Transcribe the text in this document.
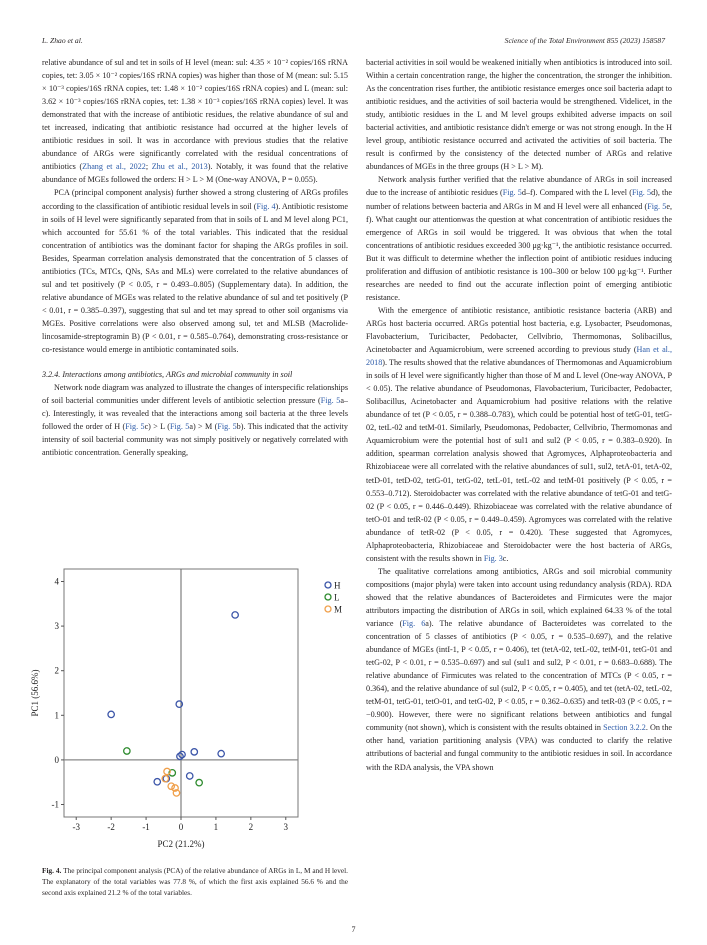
L. Zhao et al.	Science of the Total Environment 855 (2023) 158587

relative abundance of sul and tet in soils of H level (mean: sul: 4.35 × 10⁻² copies/16S rRNA copies, tet: 3.05 × 10⁻² copies/16S rRNA copies) was higher than those of M (mean: sul: 5.15 × 10⁻³ copies/16S rRNA copies, tet: 1.48 × 10⁻² copies/16S rRNA copies) and L (mean: sul: 3.62 × 10⁻³ copies/16S rRNA copies, tet: 1.38 × 10⁻³ copies/16S rRNA copies) level. It was demonstrated that with the increase of antibiotic residues, the relative abundance of sul and tet increased, indicating that antibiotic resistance had occurred at the higher levels of antibiotic residues in soil. It was in accordance with previous studies that the relative abundance of ARGs were significantly correlated with the residual concentrations of antibiotics (Zhang et al., 2022; Zhu et al., 2013). Notably, it was found that the relative abundance of MGEs followed the orders: H > L > M (One-way ANOVA, P = 0.055).

PCA (principal component analysis) further showed a strong clustering of ARGs profiles according to the classification of antibiotic residual levels in soil (Fig. 4). Antibiotic resistome in soils of H level were significantly separated from that in soils of L and M level along PC1, which accounted for 55.61 % of the total variables. This indicated that the residual concentration of antibiotics was the dominant factor for shaping the ARGs profiles in soil. Besides, Spearman correlation analysis demonstrated that the concentration of 5 classes of antibiotics (TCs, MTCs, QNs, SAs and MLs) were correlated to the relative abundances of sul and tet positively (P < 0.05, r = 0.493–0.805) (Supplementary data). In addition, the relative abundance of MGEs was related to the relative abundance of sul and tet positively (P < 0.01, r = 0.385–0.397), suggesting that sul and tet may spread to other soil organisms via MGEs. Positive correlations were also observed among sul, tet and MLSB (Macrolide-lincosamide-streptogramin B) (P < 0.01, r = 0.585–0.764), demonstrating cross-resistance or co-resistance would emerge in antibiotic contaminated soils.

3.2.4. Interactions among antibiotics, ARGs and microbial community in soil

Network node diagram was analyzed to illustrate the changes of interspecific relationships of soil bacterial communities under different levels of antibiotic selection pressure (Fig. 5a–c). Interestingly, it was revealed that the interactions among soil bacteria at the three levels followed the order of H (Fig. 5c) > L (Fig. 5a) > M (Fig. 5b). This indicated that the activity intensity of soil bacterial community was not simply positively or negatively correlated with antibiotic concentration. Generally speaking,

-3	-2	-1	0	1	2	3
-1
0
1
2
3
4
PC2 (21.2%)
PC1 (56.6%)
H
L
M
Fig. 4. The principal component analysis (PCA) of the relative abundance of ARGs in L, M and H level. The explanatory of the total variables was 77.8 %, of which the first axis explained 56.6 % and the second axis explained 21.2 % of the total variables.

bacterial activities in soil would be weakened initially when antibiotics is introduced into soil. Within a certain concentration range, the higher the concentration, the stronger the inhibition. As the concentration rises further, the antibiotic resistance emerges once soil bacteria adapt to antibiotic residues, and the activities of soil bacteria would be strengthened. Videlicet, in the study, antibiotic residues in the L and M level groups exhibited adverse impacts on soil bacterial activities, and antibiotic resistance didn't emerge or was not strong enough. In the H level group, antibiotic resistance occurred and activated the activities of soil bacteria. The result is confirmed by the consistency of the detected number of ARGs and relative abundances of MGEs in the three groups (H > L > M).

Network analysis further verified that the relative abundance of ARGs in soil increased due to the increase of antibiotic residues (Fig. 5d–f). Compared with the L level (Fig. 5d), the number of relations between bacteria and ARGs in M and H level were all enhanced (Fig. 5e, f). What caught our attentionwas the question at what concentration of antibiotic residues the emergence of ARGs in soil would be triggered. It was obvious that when the total concentrations of antibiotic residues exceeded 300 μg·kg⁻¹, the antibiotic resistance occurred. But it was difficult to determine whether the inflection point of antibiotic residues inducing proliferation and diffusion of antibiotic resistance is 100–300 or below 100 μg·kg⁻¹. Further researches are needed to find out the accurate inflection point of emerging antibiotic resistance.

With the emergence of antibiotic resistance, antibiotic resistance bacteria (ARB) and ARGs host bacteria occurred. ARGs potential host bacteria, e.g. Lysobacter, Pseudomonas, Flavobacterium, Turicibacter, Pedobacter, Cellvibrio, Thermomonas, Solibacillus, Acinetobacter and Aquamicrobium, were screened according to previous study (Han et al., 2018). The results showed that the relative abundances of Thermomonas and Aquamicrobium in soils of H level were significantly higher than those of M and L level (One-way ANOVA, P < 0.05). The relative abundance of Pseudomonas, Flavobacterium, Turicibacter, Pedobacter, Solibacillus, Acinetobacter and Aquamicrobium had positive relations with the relative abundance of tet (P < 0.05, r = 0.388–0.783), which could be potential host of tetG-01, tetG-02, tetL-02 and tetM-01. Similarly, Pseudomonas, Pedobacter, Cellvibrio, Thermomonas and Aquamicrobium were the potential host of sul1 and sul2 (P < 0.05, r = 0.383–0.920). In addition, spearman correlation analysis showed that Agromyces, Alphaproteobacteria and Rhizobiaceae were all correlated with the relative abundances of sul1, sul2, tetA-01, tetA-02, tetD-01, tetD-02, tetG-01, tetG-02, tetL-01, tetL-02 and tetM-01 positively (P < 0.05, r = 0.553–0.712). Steroidobacter was correlated with the relative abundance of tetG-01 and tetG-02 (P < 0.05, r = 0.446–0.449). Rhizobiaceae was correlated with the relative abundance of tetO-01 and tetR-02 (P < 0.05, r = 0.449–0.459). Agromyces was correlated with the relative abundance of tetR-02 (P < 0.05, r = 0.420). These suggested that Agromyces, Alphaproteobacteria, Rhizobiaceae and Steroidobacter were the host bacteria of ARGs, consistent with the results shown in Fig. 3c.

The qualitative correlations among antibiotics, ARGs and soil microbial community compositions (major phyla) were taken into account using redundancy analysis (RDA). RDA showed that the relative abundances of Bacteroidetes and Firmicutes were the major attributors impacting the distribution of ARGs in soil, which explained 64.33 % of the total variance (Fig. 6a). The relative abundance of Bacteroidetes was correlated to the concentration of 5 classes of antibiotics (P < 0.05, r = 0.535–0.697), and the relative abundance of MGEs (intI-1, P < 0.05, r = 0.406), tet (tetA-02, tetL-02, tetM-01, tetG-01 and tetG-02, P < 0.01, r = 0.535–0.697) and sul (sul1 and sul2, P < 0.01, r = 0.683–0.688). The relative abundance of Firmicutes was related to the concentration of MTCs (P < 0.05, r = 0.364), and the relative abundance of sul (sul2, P < 0.05, r = 0.405), and tet (tetA-02, tetL-02, tetM-01, tetG-01, tetO-01, and tetG-02, P < 0.05, r = 0.362–0.635) and tetR-03 (P < 0.05, r = −0.900). However, there were no significant relations between antibiotics and fungal community (not shown), which is consistent with the results obtained in Section 3.2.2. On the other hand, variation partitioning analysis (VPA) was conducted to clarify the relative attributions of bacterial and fungal community to the antibiotic residues in soil. In accordance with the RDA analysis, the VPA shown

7
